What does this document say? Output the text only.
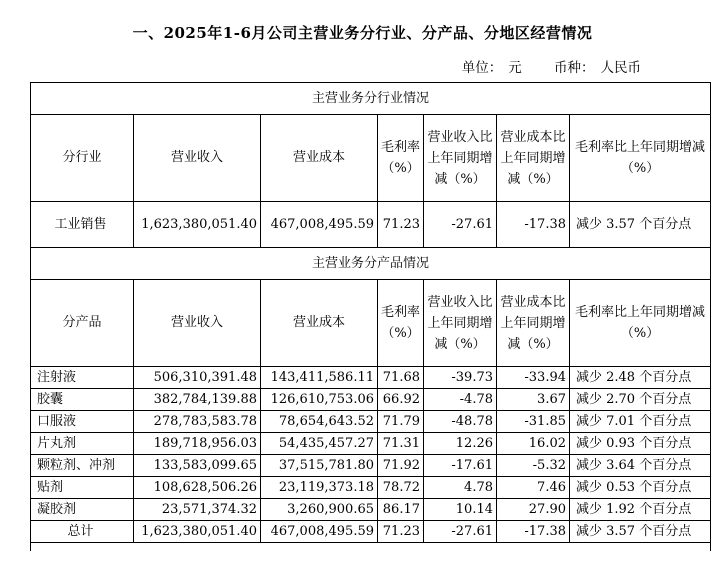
一、2025年1-6月公司主营业务分行业、分产品、分地区经营情况
单位： 元 币种： 人民币
主营业务分行业情况						
分行业	营业收入	营业成本	毛利率（%）	营业收入比上年同期增减（%）	营业成本比上年同期增减（%）	毛利率比上年同期增减（%）
工业销售	1,623,380,051.40	467,008,495.59	71.23	-27.61	-17.38	减少 3.57 个百分点
主营业务分产品情况						
分产品	营业收入	营业成本	毛利率（%）	营业收入比上年同期增减（%）	营业成本比上年同期增减（%）	毛利率比上年同期增减（%）
注射液	506,310,391.48	143,411,586.11	71.68	-39.73	-33.94	减少 2.48 个百分点
胶囊	382,784,139.88	126,610,753.06	66.92	-4.78	3.67	减少 2.70 个百分点
口服液	278,783,583.78	78,654,643.52	71.79	-48.78	-31.85	减少 7.01 个百分点
片丸剂	189,718,956.03	54,435,457.27	71.31	12.26	16.02	减少 0.93 个百分点
颗粒剂、冲剂	133,583,099.65	37,515,781.80	71.92	-17.61	-5.32	减少 3.64 个百分点
贴剂	108,628,506.26	23,119,373.18	78.72	4.78	7.46	减少 0.53 个百分点
凝胶剂	23,571,374.32	3,260,900.65	86.17	10.14	27.90	减少 1.92 个百分点
总计	1,623,380,051.40	467,008,495.59	71.23	-27.61	-17.38	减少 3.57 个百分点
